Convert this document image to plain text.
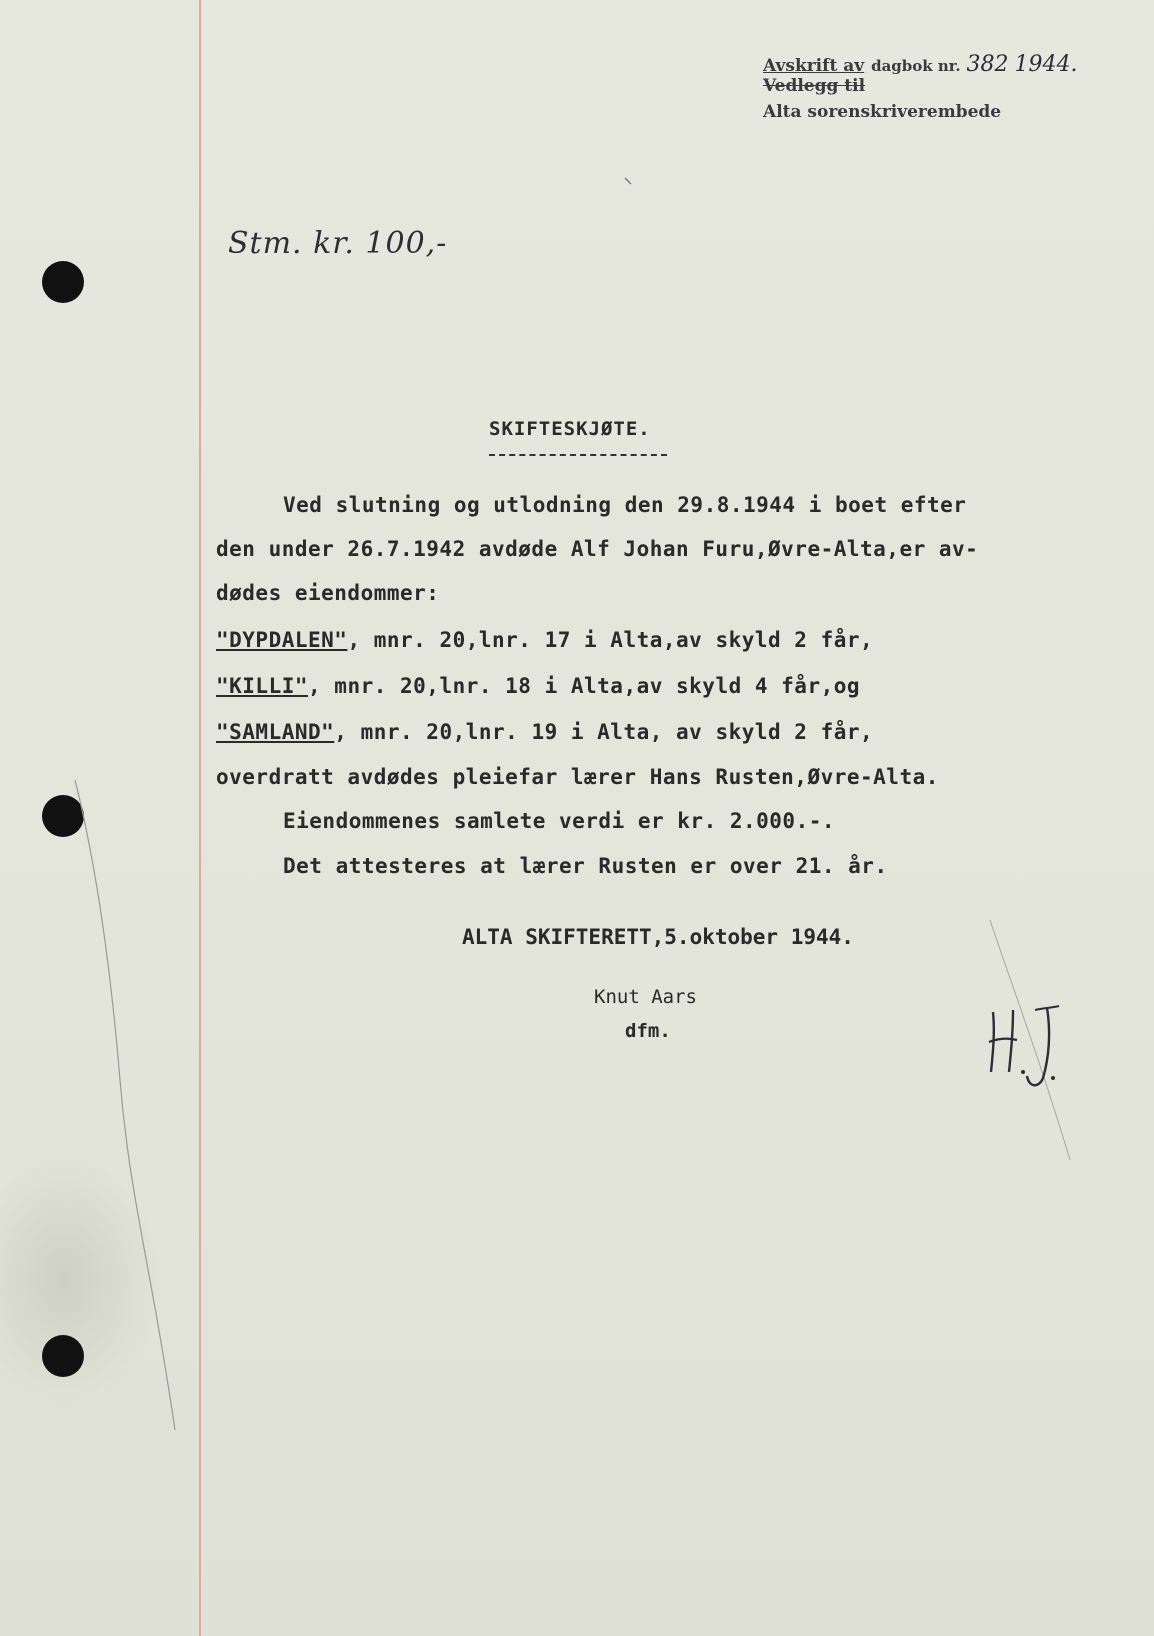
Avskrift av
Vedlegg til
dagbok nr. 382 1944.
Alta sorenskriverembede
Stm. kr. 100,-
SKIFTESKJØTE.
Ved slutning og utlodning den 29.8.1944 i boet efter
den under 26.7.1942 avdøde Alf Johan Furu,Øvre-Alta,er av-
dødes eiendommer:
"DYPDALEN", mnr. 20,lnr. 17 i Alta,av skyld 2 får,
"KILLI", mnr. 20,lnr. 18 i Alta,av skyld 4 får,og
"SAMLAND", mnr. 20,lnr. 19 i Alta, av skyld 2 får,
overdratt avdødes pleiefar lærer Hans Rusten,Øvre-Alta.
Eiendommenes samlete verdi er kr. 2.000.-.
Det attesteres at lærer Rusten er over 21. år.
ALTA SKIFTERETT,5.oktober 1944.
Knut Aars
dfm.
